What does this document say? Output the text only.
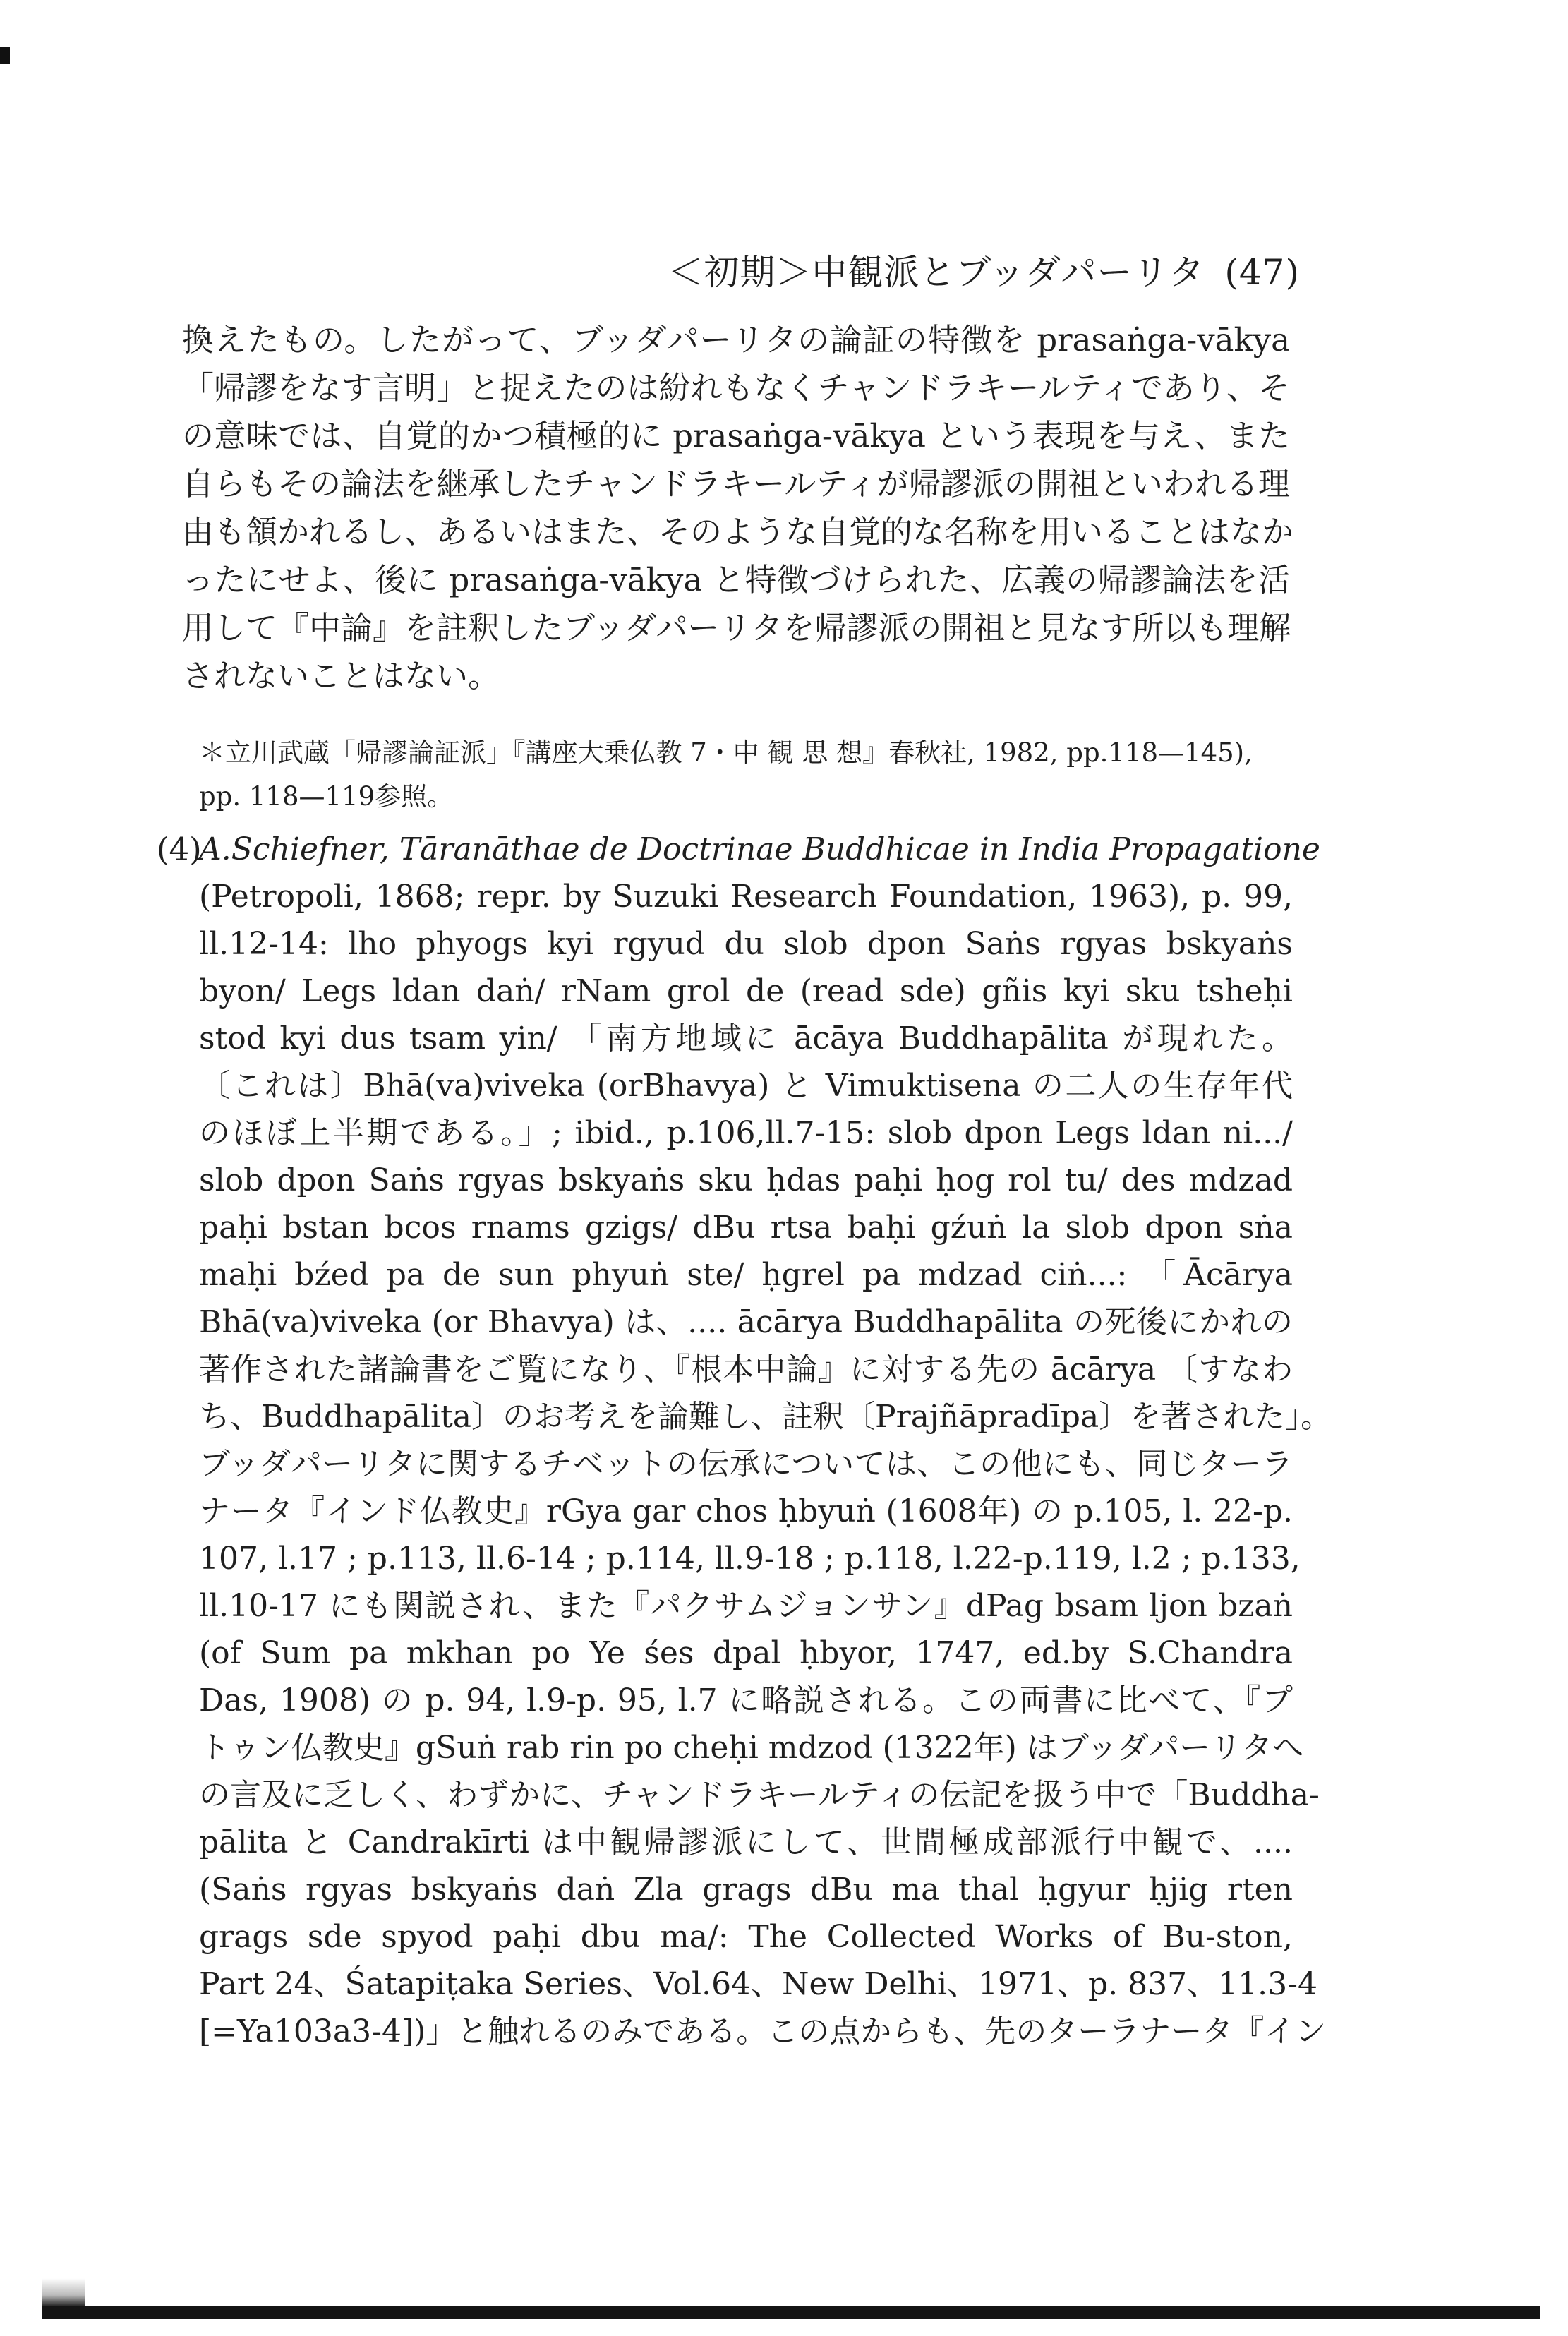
＜初期＞中観派とブッダパーリタ (47)
換えたもの。したがって、ブッダパーリタの論証の特徴を prasaṅga-vākya
「帰謬をなす言明」と捉えたのは紛れもなくチャンドラキールティであり、そ
の意味では、自覚的かつ積極的に prasaṅga-vākya という表現を与え、また
自らもその論法を継承したチャンドラキールティが帰謬派の開祖といわれる理
由も頷かれるし、あるいはまた、そのような自覚的な名称を用いることはなか
ったにせよ、後に prasaṅga-vākya と特徴づけられた、広義の帰謬論法を活
用して『中論』を註釈したブッダパーリタを帰謬派の開祖と見なす所以も理解
されないことはない。
＊立川武蔵「帰謬論証派」『講座大乗仏教 7・中 観 思 想』春秋社, 1982, pp.118—145),
pp. 118—119参照。
(4)
A.Schiefner, Tāranāthae de Doctrinae Buddhicae in India Propagatione
(Petropoli, 1868; repr. by Suzuki Research Foundation, 1963), p. 99,
ll.12-14: lho phyogs kyi rgyud du slob dpon Saṅs rgyas bskyaṅs
byon/ Legs ldan daṅ/ rNam grol de (read sde) gñis kyi sku tsheḥi
stod kyi dus tsam yin/ 「南方地域に ācāya Buddhapālita が現れた。
〔これは〕Bhā(va)viveka (orBhavya) と Vimuktisena の二人の生存年代
のほぼ上半期である。」; ibid., p.106,ll.7-15: slob dpon Legs ldan ni.../
slob dpon Saṅs rgyas bskyaṅs sku ḥdas paḥi ḥog rol tu/ des mdzad
paḥi bstan bcos rnams gzigs/ dBu rtsa baḥi gźuṅ la slob dpon sṅa
maḥi bźed pa de sun phyuṅ ste/ ḥgrel pa mdzad ciṅ...: 「Ācārya
Bhā(va)viveka (or Bhavya) は、.... ācārya Buddhapālita の死後にかれの
著作された諸論書をご覧になり、『根本中論』に対する先の ācārya 〔すなわ
ち、Buddhapālita〕のお考えを論難し、註釈〔Prajñāpradīpa〕を著された」。
ブッダパーリタに関するチベットの伝承については、この他にも、同じターラ
ナータ『インド仏教史』rGya gar chos ḥbyuṅ (1608年) の p.105, l. 22-p.
107, l.17 ; p.113, ll.6-14 ; p.114, ll.9-18 ; p.118, l.22-p.119, l.2 ; p.133,
ll.10-17 にも関説され、また『パクサムジョンサン』dPag bsam ljon bzaṅ
(of Sum pa mkhan po Ye śes dpal ḥbyor, 1747, ed.by S.Chandra
Das, 1908) の p. 94, l.9-p. 95, l.7 に略説される。この両書に比べて、『プ
トゥン仏教史』gSuṅ rab rin po cheḥi mdzod (1322年) はブッダパーリタへ
の言及に乏しく、わずかに、チャンドラキールティの伝記を扱う中で「Buddha-
pālita と Candrakīrti は中観帰謬派にして、世間極成部派行中観で、....
(Saṅs rgyas bskyaṅs daṅ Zla grags dBu ma thal ḥgyur ḥjig rten
grags sde spyod paḥi dbu ma/: The Collected Works of Bu-ston,
Part 24、Śatapiṭaka Series、Vol.64、New Delhi、1971、p. 837、11.3-4
[=Ya103a3-4])」と触れるのみである。この点からも、先のターラナータ『イン
